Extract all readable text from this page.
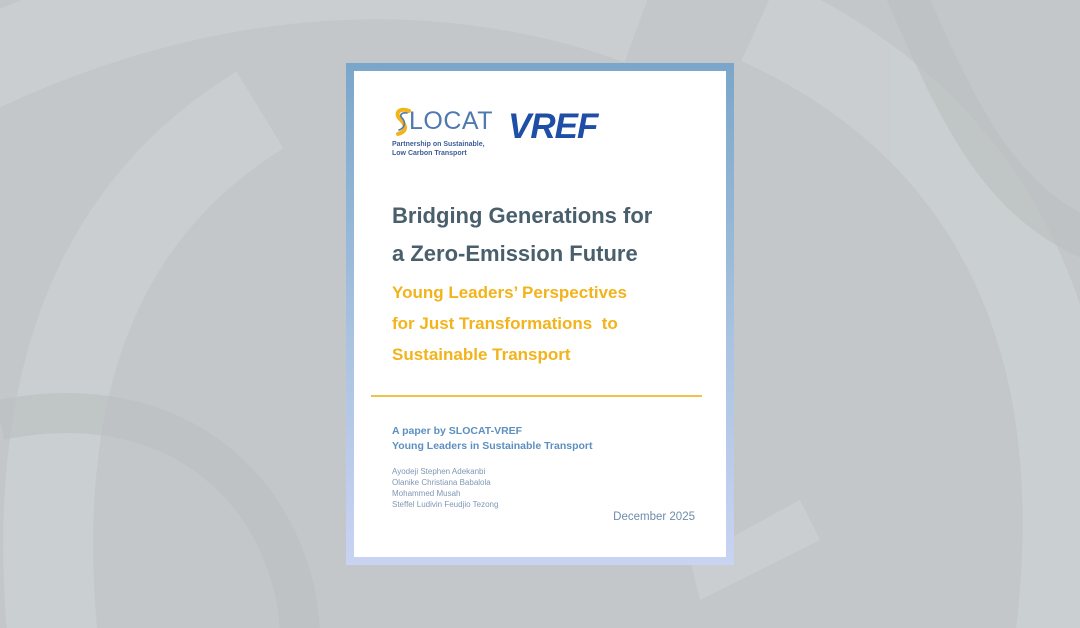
LOCAT
Partnership on Sustainable,
Low Carbon Transport
VREF
Bridging Generations for
a Zero-Emission Future
Young Leaders’ Perspectives
for Just Transformations  to
Sustainable Transport
A paper by SLOCAT-VREF
Young Leaders in Sustainable Transport
Ayodeji Stephen Adekanbi
Olanike Christiana Babalola
Mohammed Musah
Steffel Ludivin Feudjio Tezong
December 2025
